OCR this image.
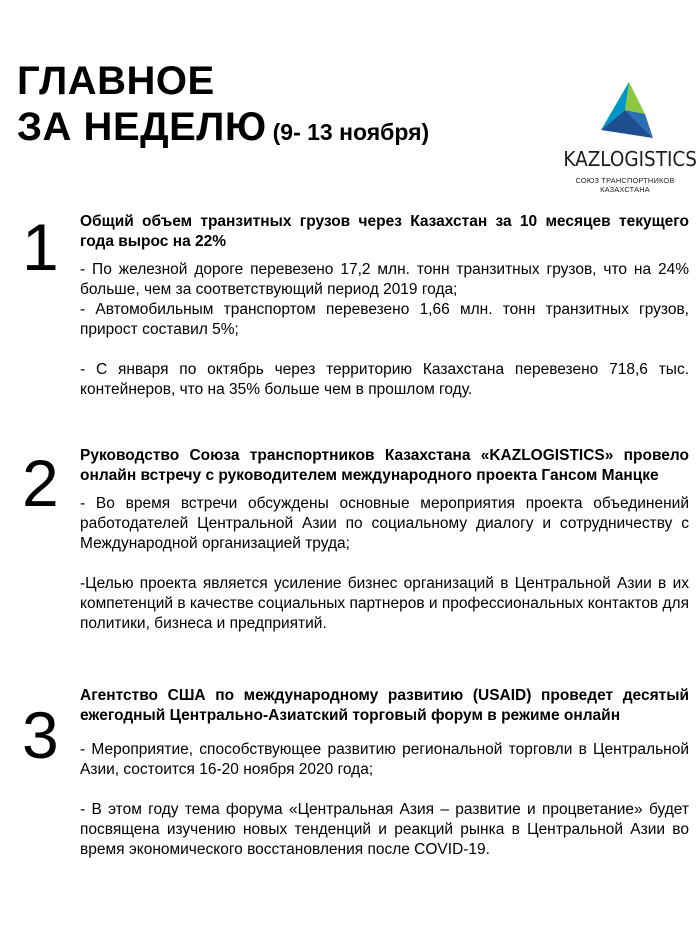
ГЛАВНОЕ
ЗА НЕДЕЛЮ (9- 13 ноября)
KAZLOGISTICS
СОЮЗ ТРАНСПОРТНИКОВ КАЗАХСТАНА
1 Общий объем транзитных грузов через Казахстан за 10 месяцев текущего года вырос на 22%

- По железной дороге перевезено 17,2 млн. тонн транзитных грузов, что на 24% больше, чем за соответствующий период 2019 года;

- Автомобильным транспортом перевезено 1,66 млн. тонн транзитных грузов, прирост составил 5%;

- С января по октябрь через территорию Казахстана перевезено 718,6 тыс. контейнеров, что на 35% больше чем в прошлом году.

2 Руководство Союза транспортников Казахстана «KAZLOGISTICS» провело онлайн встречу с руководителем международного проекта Гансом Манцке

- Во время встречи обсуждены основные мероприятия проекта объединений работодателей Центральной Азии по социальному диалогу и сотрудничеству с Международной организацией труда;

-Целью проекта является усиление бизнес организаций в Центральной Азии в их компетенций в качестве социальных партнеров и профессиональных контактов для политики, бизнеса и предприятий.

3

Агентство США по международному развитию (USAID) проведет десятый ежегодный Центрально-Азиатский торговый форум в режиме онлайн

- Мероприятие, способствующее развитию региональной торговли в Центральной Азии, состоится 16-20 ноября 2020 года;

- В этом году тема форума «Центральная Азия – развитие и процветание» будет посвящена изучению новых тенденций и реакций рынка в Центральной Азии во время экономического восстановления после COVID-19.
